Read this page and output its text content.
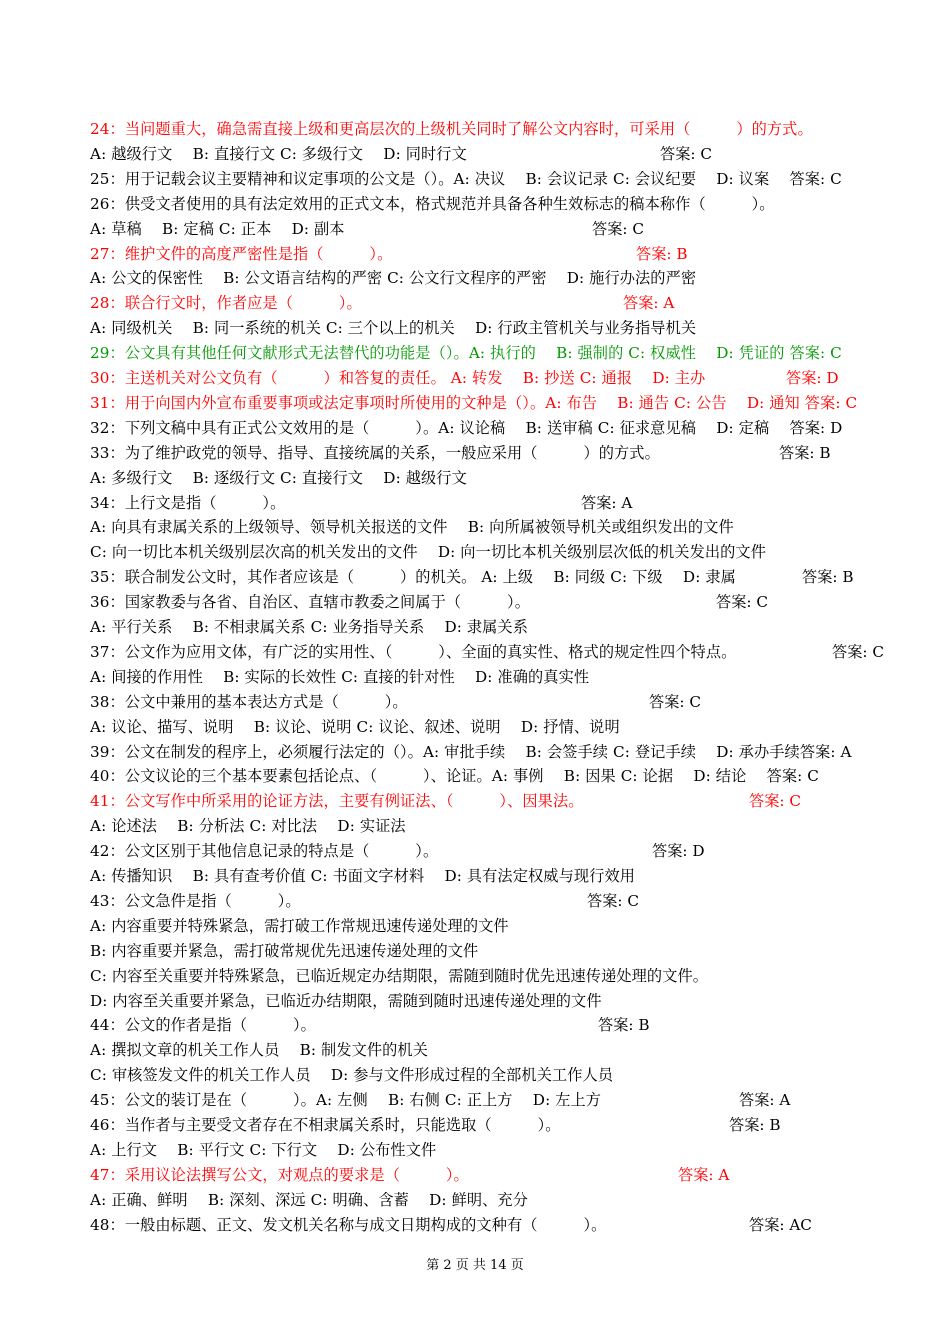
24：当问题重大，确急需直接上级和更高层次的上级机关同时了解公文内容时，可采用（　　　）的方式。
A: 越级行文　 B: 直接行文 C: 多级行文　 D: 同时行文	答案: C
25：用于记载会议主要精神和议定事项的公文是（）。A: 决议　 B: 会议记录 C: 会议纪要　 D: 议案　 答案: C
26：供受文者使用的具有法定效用的正式文本，格式规范并具备各种生效标志的稿本称作（　　　）。
A: 草稿　 B: 定稿 C: 正本　 D: 副本	答案: C
27：维护文件的高度严密性是指（　　　）。	答案: B
A: 公文的保密性　 B: 公文语言结构的严密 C: 公文行文程序的严密　 D: 施行办法的严密
28：联合行文时，作者应是（　　　）。	答案: A
A: 同级机关　 B: 同一系统的机关 C: 三个以上的机关　 D: 行政主管机关与业务指导机关
29：公文具有其他任何文献形式无法替代的功能是（）。A: 执行的　 B: 强制的 C: 权威性　 D: 凭证的 答案: C
30：主送机关对公文负有（　　　）和答复的责任。 A: 转发　 B: 抄送 C: 通报　 D: 主办	答案: D
31：用于向国内外宣布重要事项或法定事项时所使用的文种是（）。A: 布告　 B: 通告 C: 公告　 D: 通知 答案: C
32：下列文稿中具有正式公文效用的是（　　　）。A: 议论稿　 B: 送审稿 C: 征求意见稿　 D: 定稿　 答案: D
33：为了维护政党的领导、指导、直接统属的关系，一般应采用（　　　）的方式。	答案: B
A: 多级行文　 B: 逐级行文 C: 直接行文　 D: 越级行文
34：上行文是指（　　　）。	答案: A
A: 向具有隶属关系的上级领导、领导机关报送的文件　 B: 向所属被领导机关或组织发出的文件
C: 向一切比本机关级别层次高的机关发出的文件　 D: 向一切比本机关级别层次低的机关发出的文件
35：联合制发公文时，其作者应该是（　　　）的机关。 A: 上级　 B: 同级 C: 下级　 D: 隶属	答案: B
36：国家教委与各省、自治区、直辖市教委之间属于（　　　）。	答案: C
A: 平行关系　 B: 不相隶属关系 C: 业务指导关系　 D: 隶属关系
37：公文作为应用文体，有广泛的实用性、（　　　）、全面的真实性、格式的规定性四个特点。	答案: C
A: 间接的作用性　 B: 实际的长效性 C: 直接的针对性　 D: 准确的真实性
38：公文中兼用的基本表达方式是（　　　）。	答案: C
A: 议论、描写、说明　 B: 议论、说明 C: 议论、叙述、说明　 D: 抒情、说明
39：公文在制发的程序上，必须履行法定的（）。A: 审批手续　 B: 会签手续 C: 登记手续　 D: 承办手续答案: A
40：公文议论的三个基本要素包括论点、（　　　）、论证。A: 事例　 B: 因果 C: 论据　 D: 结论　 答案: C
41：公文写作中所采用的论证方法，主要有例证法、（　　　）、因果法。	答案: C
A: 论述法　 B: 分析法 C: 对比法　 D: 实证法
42：公文区别于其他信息记录的特点是（　　　）。	答案: D
A: 传播知识　 B: 具有查考价值 C: 书面文字材料　 D: 具有法定权威与现行效用
43：公文急件是指（　　　）。	答案: C
A: 内容重要并特殊紧急，需打破工作常规迅速传递处理的文件
B: 内容重要并紧急，需打破常规优先迅速传递处理的文件
C: 内容至关重要并特殊紧急，已临近规定办结期限，需随到随时优先迅速传递处理的文件。
D: 内容至关重要并紧急，已临近办结期限，需随到随时迅速传递处理的文件
44：公文的作者是指（　　　）。	答案: B
A: 撰拟文章的机关工作人员　 B: 制发文件的机关
C: 审核签发文件的机关工作人员　 D: 参与文件形成过程的全部机关工作人员
45：公文的装订是在（　　　）。A: 左侧　 B: 右侧 C: 正上方　 D: 左上方	答案: A
46：当作者与主要受文者存在不相隶属关系时，只能选取（　　　）。	答案: B
A: 上行文　 B: 平行文 C: 下行文　 D: 公布性文件
47：采用议论法撰写公文，对观点的要求是（　　　）。	答案: A
A: 正确、鲜明　 B: 深刻、深远 C: 明确、含蓄　 D: 鲜明、充分
48：一般由标题、正文、发文机关名称与成文日期构成的文种有（　　　）。	答案: AC
第 2 页 共 14 页
